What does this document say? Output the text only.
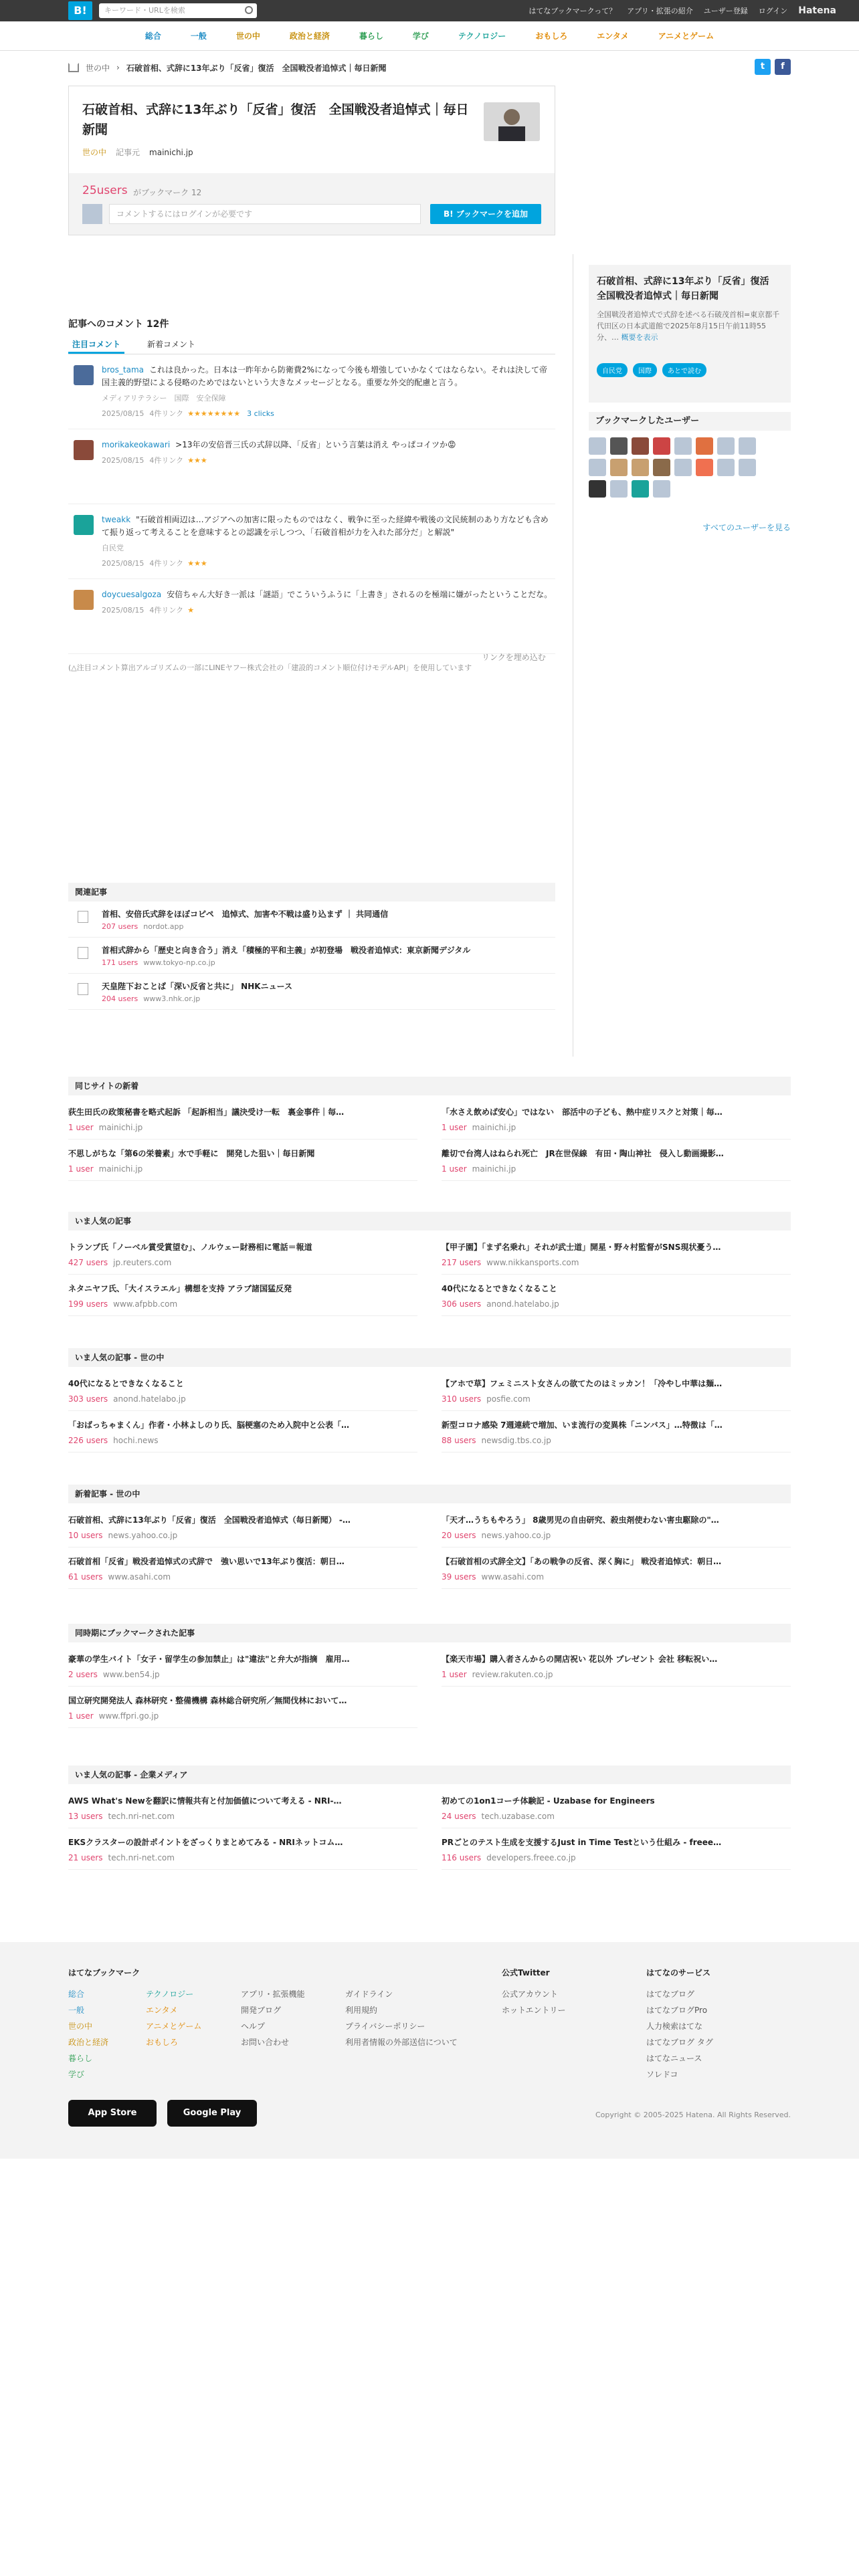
B!	キーワード・URLを検索	はてなブックマークって？ アプリ・拡張の紹介 ユーザー登録 ログイン Hatena
総合	一般	世の中	政治と経済	暮らし	学び	テクノロジー	おもしろ	エンタメ	アニメとゲーム
世の中 › 石破首相、式辞に13年ぶり「反省」復活　全国戦没者追悼式｜毎日新聞	t	f
石破首相、式辞に13年ぶり「反省」復活　全国戦没者追悼式｜毎日新聞
世の中 記事元 mainichi.jp
25users がブックマーク 12
コメントするにはログインが必要です	B! ブックマークを追加
記事へのコメント 12件
注目コメント	新着コメント
bros_tama これは良かった。日本は一昨年から防衛費2%になって今後も増強していかなくてはならない。それは決して帝国主義的野望による侵略のためではないという大きなメッセージとなる。重要な外交的配慮と言う。
メディアリテラシー　国際　安全保障
2025/08/15 4件リンク ★★★★★★★★ 3 clicks
morikakeokawari >13年の安倍晋三氏の式辞以降、「反省」という言葉は消え やっぱコイツか😡
2025/08/15 4件リンク ★★★
tweakk "石破首相両辺は…アジアへの加害に限ったものではなく、戦争に至った経緯や戦後の文民統制のあり方なども含めて振り返って考えることを意味するとの認識を示しつつ、「石破首相が力を入れた部分だ」と解説"
自民党
2025/08/15 4件リンク ★★★
doycuesalgoza 安倍ちゃん大好き一派は「謎語」でこういうふうに「上書き」されるのを極端に嫌がったということだな。
2025/08/15 4件リンク ★
(△注目コメント算出アルゴリズムの一部にLINEヤフー株式会社の「建設的コメント順位付けモデルAPI」を使用しています
リンクを埋め込む
関連記事
首相、安倍氏式辞をほぼコピペ　追悼式、加害や不戦は盛り込まず ｜ 共同通信
207 users nordot.app
首相式辞から「歴史と向き合う」消え「積極的平和主義」が初登場　戦没者追悼式：東京新聞デジタル
171 users www.tokyo-np.co.jp
天皇陛下おことば「深い反省と共に」 NHKニュース
204 users www3.nhk.or.jp
石破首相、式辞に13年ぶり「反省」復活　全国戦没者追悼式｜毎日新聞
全国戦没者追悼式で式辞を述べる石破茂首相=東京都千代田区の日本武道館で2025年8月15日午前11時55分、… 概要を表示
自民党	国際	あとで読む
ブックマークしたユーザー
すべてのユーザーを見る
同じサイトの新着
荻生田氏の政策秘書を略式起訴 「起訴相当」議決受け一転　裏金事件｜毎…
1 user mainichi.jp
不思しがちな「第6の栄養素」水で手軽に　開発した狙い｜毎日新聞
1 user mainichi.jp
「水さえ飲めば安心」ではない　部活中の子ども、熱中症リスクと対策｜毎…
1 user mainichi.jp
離切で台湾人はねられ死亡　JR在世保線　有田・陶山神社　侵入し動画撮影…
1 user mainichi.jp
いま人気の記事
トランプ氏「ノーベル賞受賞望む」、ノルウェー財務相に電話＝報道
427 users jp.reuters.com
ネタニヤフ氏、「大イスラエル」構想を支持 アラブ諸国猛反発
199 users www.afpbb.com
【甲子園】「まず名乗れ」それが武士道」開星・野々村監督がSNS現状憂う…
217 users www.nikkansports.com
40代になるとできなくなること
306 users anond.hatelabo.jp
いま人気の記事 - 世の中
40代になるとできなくなること
303 users anond.hatelabo.jp
「おばっちゃまくん」作者・小林よしのり氏、脳梗塞のため入院中と公表「…
226 users hochi.news
【アホで草】フェミニスト女さんの欲てたのはミッカン！「冷やし中華は麺…
310 users posfie.com
新型コロナ感染 7週連続で増加、いま流行の変異株「ニンバス」…特徴は「…
88 users newsdig.tbs.co.jp
新着記事 - 世の中
石破首相、式辞に13年ぶり「反省」復活　全国戦没者追悼式（毎日新聞） -…
10 users news.yahoo.co.jp
石破首相「反省」戦没者追悼式の式辞で　強い思いで13年ぶり復活：朝日…
61 users www.asahi.com
「天才…うちもやろう」 8歳男児の自由研究、殺虫剤使わない害虫駆除の"…
20 users news.yahoo.co.jp
【石破首相の式辞全文】「あの戦争の反省、深く胸に」 戦没者追悼式：朝日…
39 users www.asahi.com
同時期にブックマークされた記事
豪華の学生バイト「女子・留学生の参加禁止」は"違法"と弁大が指摘　雇用…
2 users www.ben54.jp
国立研究開発法人 森林研究・整備機構 森林総合研究所／無間伐林において…
1 user www.ffpri.go.jp
【楽天市場】購入者さんからの開店祝い 花以外 プレゼント 会社 移転祝い…
1 user review.rakuten.co.jp
いま人気の記事 - 企業メディア
AWS What's Newを翻訳に情報共有と付加価値について考える - NRI-…
13 users tech.nri-net.com
EKSクラスターの設計ポイントをざっくりまとめてみる - NRIネットコム…
21 users tech.nri-net.com
初めての1on1コーチ体験記 - Uzabase for Engineers
24 users tech.uzabase.com
PRごとのテスト生成を支援するJust in Time Testという仕組み - freee…
116 users developers.freee.co.jp
はてなブックマーク
総合
一般
世の中
政治と経済
暮らし
学び
テクノロジー
エンタメ
アニメとゲーム
おもしろ
アプリ・拡張機能
開発ブログ
ヘルプ
お問い合わせ
ガイドライン
利用規約
プライバシーポリシー
利用者情報の外部送信について
公式Twitter
公式アカウント
ホットエントリー
はてなのサービス
はてなブログ
はてなブログPro
人力検索はてな
はてなブログ タグ
はてなニュース
ソレドコ
App Store	Google Play	Copyright © 2005-2025 Hatena. All Rights Reserved.
